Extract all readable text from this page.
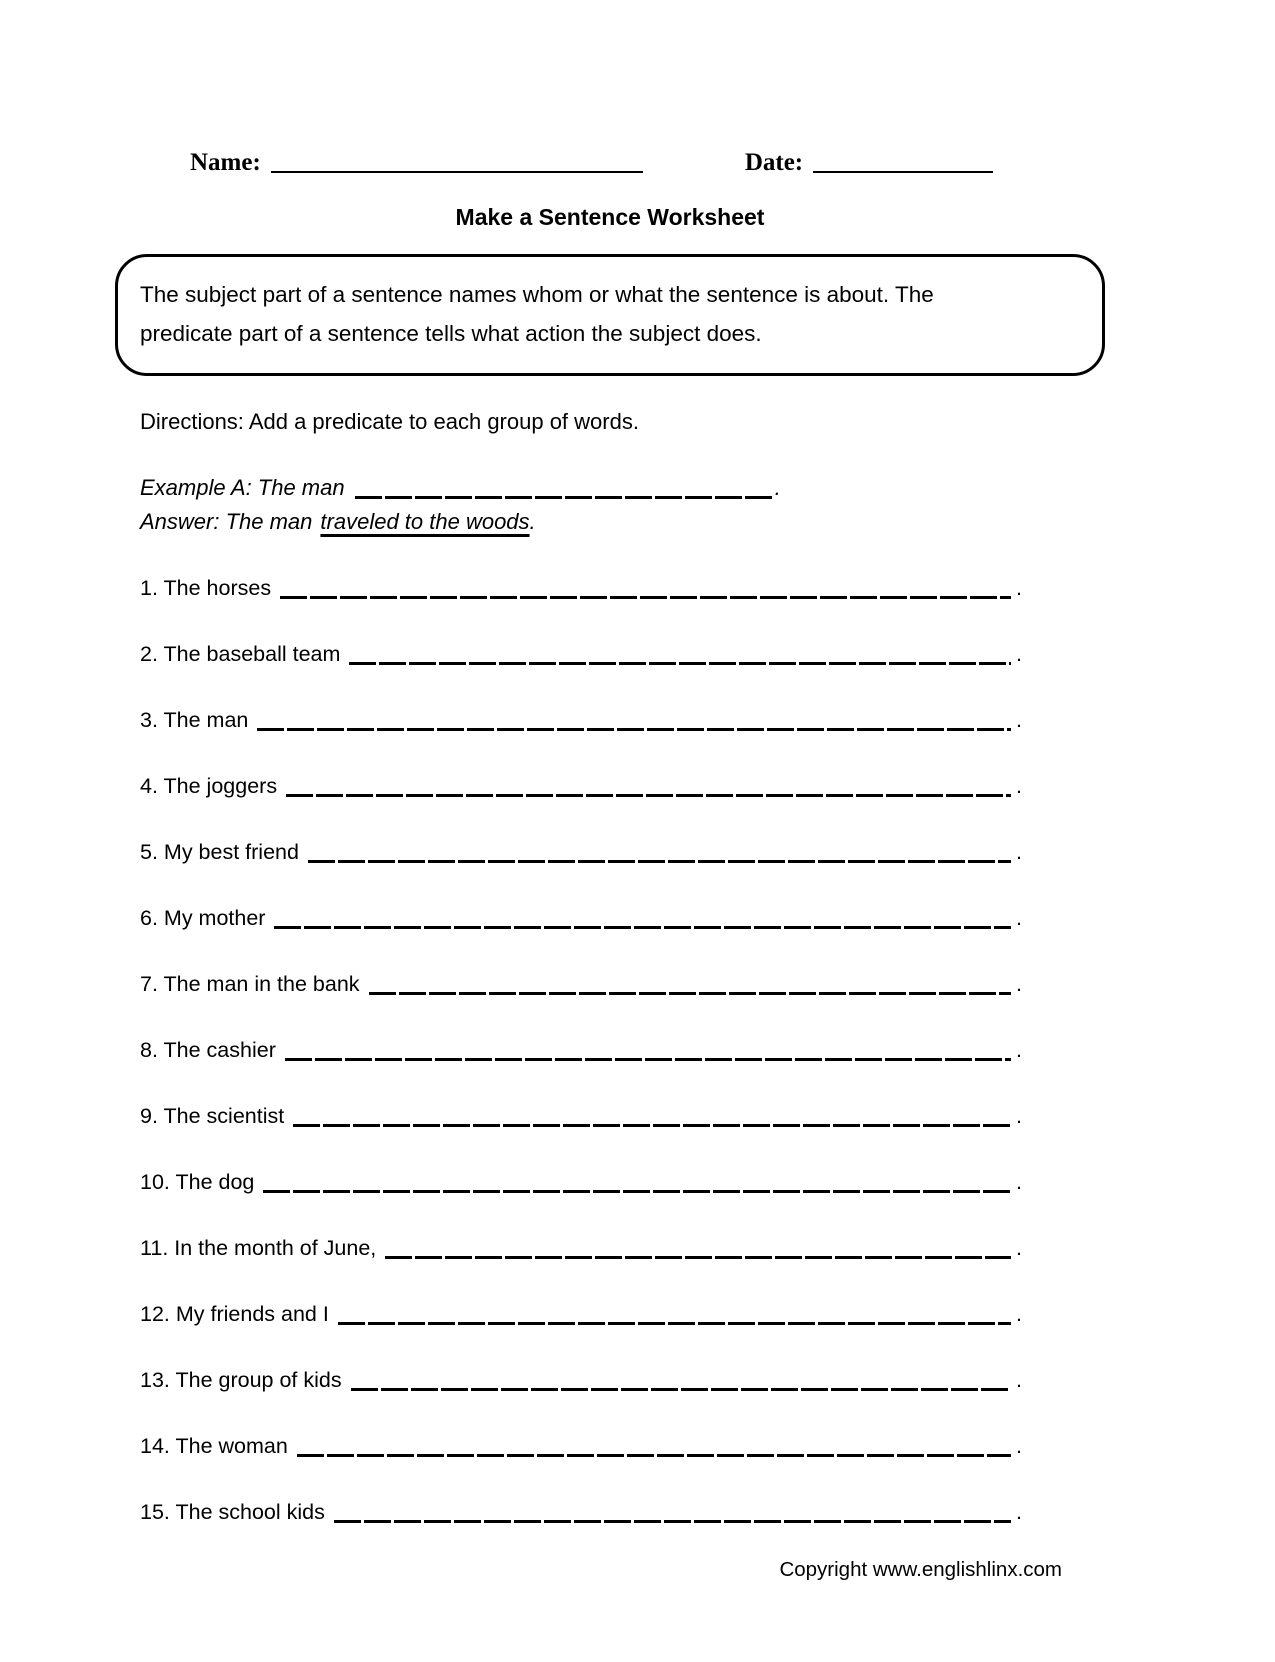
Name:	Date:
Make a Sentence Worksheet
The subject part of a sentence names whom or what the sentence is about. The
predicate part of a sentence tells what action the subject does.
Directions: Add a predicate to each group of words.
Example A: The man	.
Answer: The man traveled to the woods.
1. The horses	.
2. The baseball team	.
3. The man	.
4. The joggers	.
5. My best friend	.
6. My mother	.
7. The man in the bank	.
8. The cashier	.
9. The scientist	.
10. The dog	.
11. In the month of June,	.
12. My friends and I	.
13. The group of kids	.
14. The woman	.
15. The school kids	.
Copyright www.englishlinx.com
